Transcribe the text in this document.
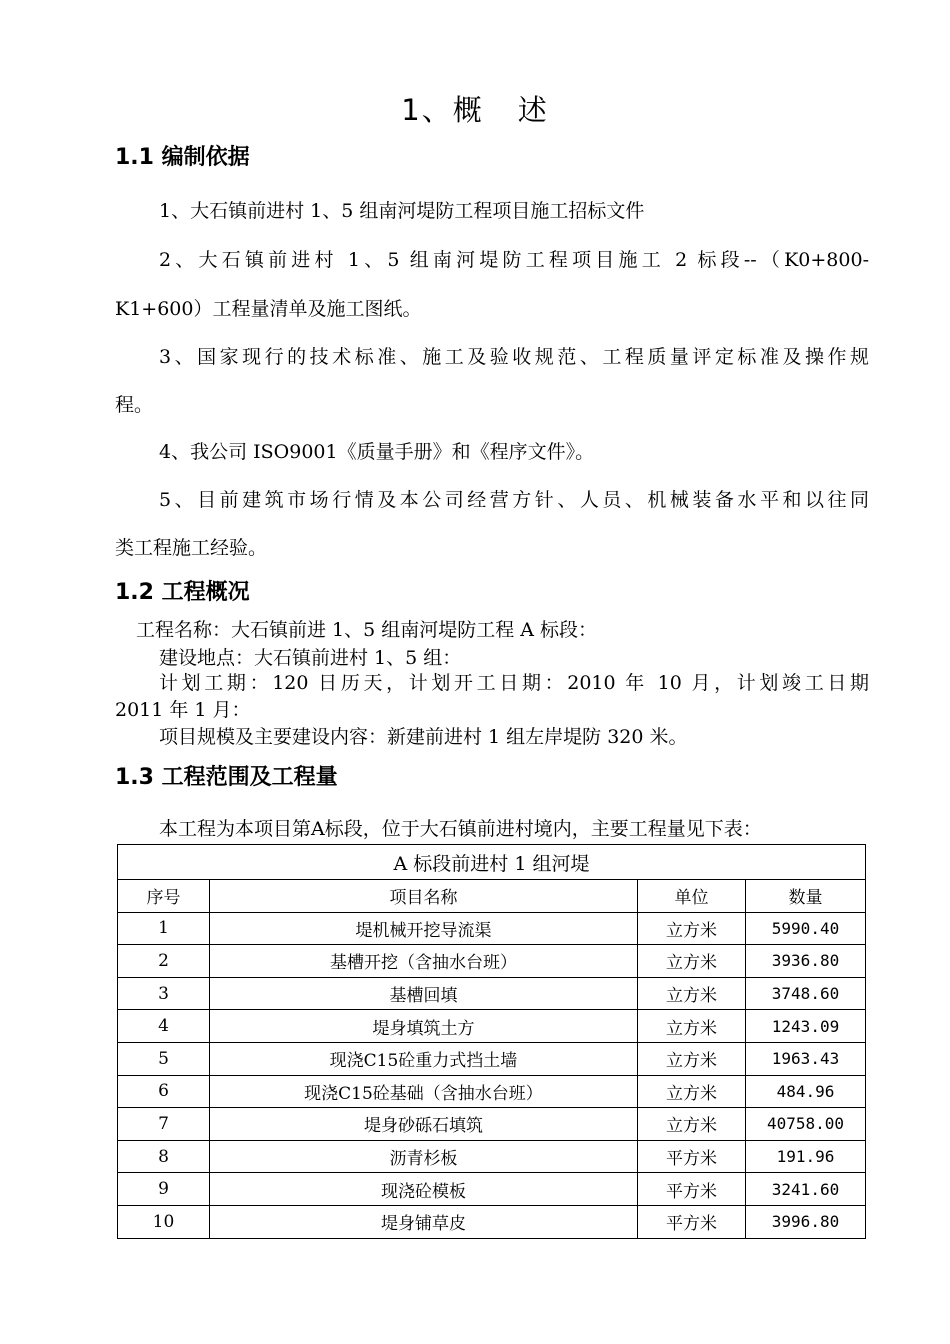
1、概 述
1.1 编制依据

1、大石镇前进村 1、5 组南河堤防工程项目施工招标文件

2、大石镇前进村 1、5 组南河堤防工程项目施工 2 标段--（K0+800-

K1+600）工程量清单及施工图纸。

3、国家现行的技术标准、施工及验收规范、工程质量评定标准及操作规

程。

4、我公司 ISO9001《质量手册》和《程序文件》。

5、目前建筑市场行情及本公司经营方针、人员、机械装备水平和以往同

类工程施工经验。

1.2 工程概况

工程名称：大石镇前进 1、5 组南河堤防工程 A 标段：

建设地点：大石镇前进村 1、5 组：

计划工期：120 日历天，计划开工日期：2010 年 10 月，计划竣工日期

2011 年 1 月：

项目规模及主要建设内容：新建前进村 1 组左岸堤防 320 米。

1.3 工程范围及工程量

本工程为本项目第A标段，位于大石镇前进村境内，主要工程量见下表：

A 标段前进村 1 组河堤			
序号	项目名称	单位	数量
1	堤机械开挖导流渠	立方米	5990.40
2	基槽开挖（含抽水台班）	立方米	3936.80
3	基槽回填	立方米	3748.60
4	堤身填筑土方	立方米	1243.09
5	现浇C15砼重力式挡土墙	立方米	1963.43
6	现浇C15砼基础（含抽水台班）	立方米	484.96
7	堤身砂砾石填筑	立方米	40758.00
8	沥青杉板	平方米	191.96
9	现浇砼模板	平方米	3241.60
10	堤身铺草皮	平方米	3996.80
